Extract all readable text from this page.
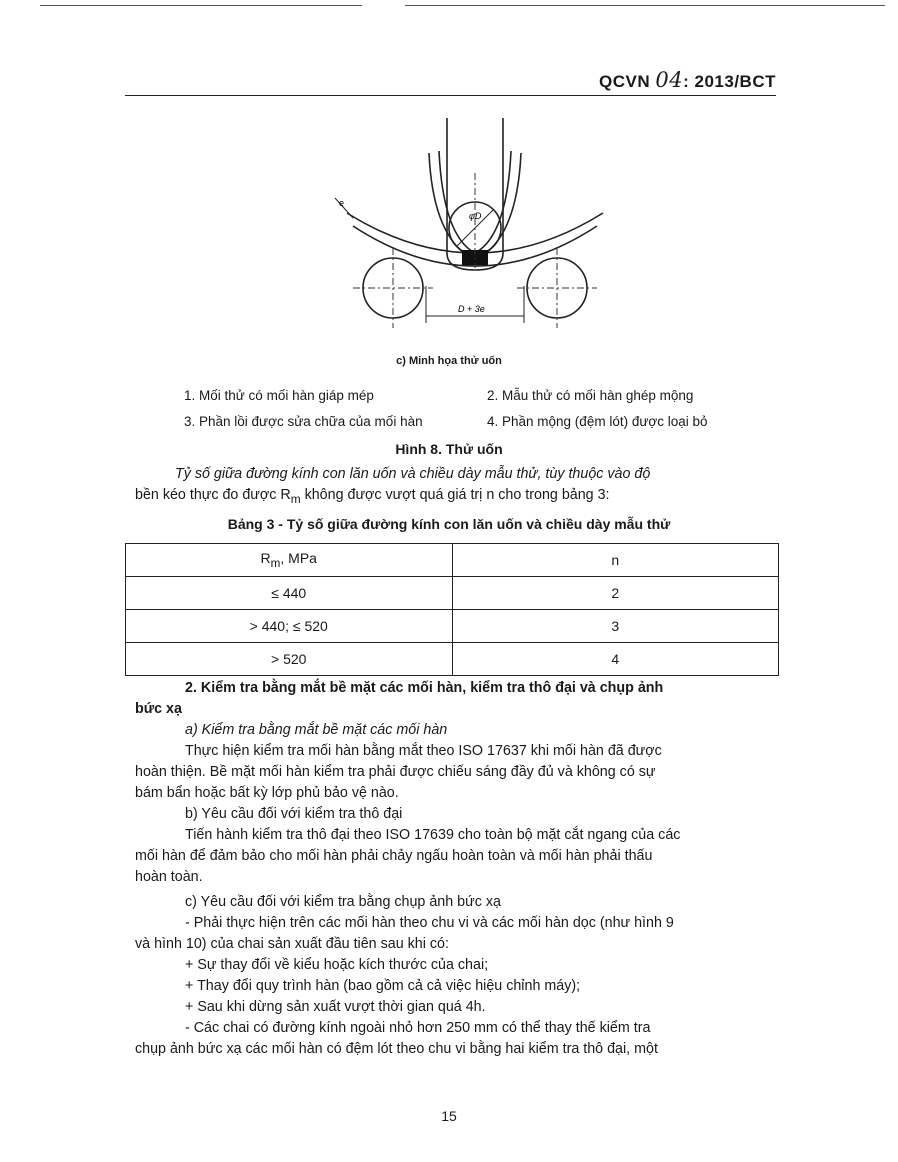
QCVN 04: 2013/BCT
e
φD
D + 3e
c) Minh họa thử uốn
1. Mối thử có mối hàn giáp mép	2. Mẫu thử có mối hàn ghép mộng
3. Phần lồi được sửa chữa của mối hàn	4. Phần mộng (đệm lót) được loại bỏ
Hình 8. Thử uốn
Tỷ số giữa đường kính con lăn uốn và chiều dày mẫu thử, tùy thuộc vào độ
bền kéo thực đo được $R_m$ không được vượt quá giá trị n cho trong bảng 3:
Bảng 3 - Tỷ số giữa đường kính con lăn uốn và chiều dày mẫu thử
$R_m$, MPa	n
≤ 440	2
> 440; ≤ 520	3
> 520	4
2. Kiểm tra bằng mắt bề mặt các mối hàn, kiểm tra thô đại và chụp ảnh
bức xạ
a) Kiểm tra bằng mắt bề mặt các mối hàn
Thực hiện kiểm tra mối hàn bằng mắt theo ISO 17637 khi mối hàn đã được
hoàn thiện. Bề mặt mối hàn kiểm tra phải được chiếu sáng đầy đủ và không có sự
bám bẩn hoặc bất kỳ lớp phủ bảo vệ nào.
b) Yêu cầu đối với kiểm tra thô đại
Tiến hành kiểm tra thô đại theo ISO 17639 cho toàn bộ mặt cắt ngang của các
mối hàn để đảm bảo cho mối hàn phải chảy ngấu hoàn toàn và mối hàn phải thấu
hoàn toàn.
c) Yêu cầu đối với kiểm tra bằng chụp ảnh bức xạ
- Phải thực hiện trên các mối hàn theo chu vi và các mối hàn dọc (như hình 9
và hình 10) của chai sản xuất đầu tiên sau khi có:
+ Sự thay đổi về kiểu hoặc kích thước của chai;
+ Thay đổi quy trình hàn (bao gồm cả cả việc hiệu chỉnh máy);
+ Sau khi dừng sản xuất vượt thời gian quá 4h.
- Các chai có đường kính ngoài nhỏ hơn 250 mm có thể thay thế kiểm tra
chụp ảnh bức xạ các mối hàn có đệm lót theo chu vi bằng hai kiểm tra thô đại, một
15
